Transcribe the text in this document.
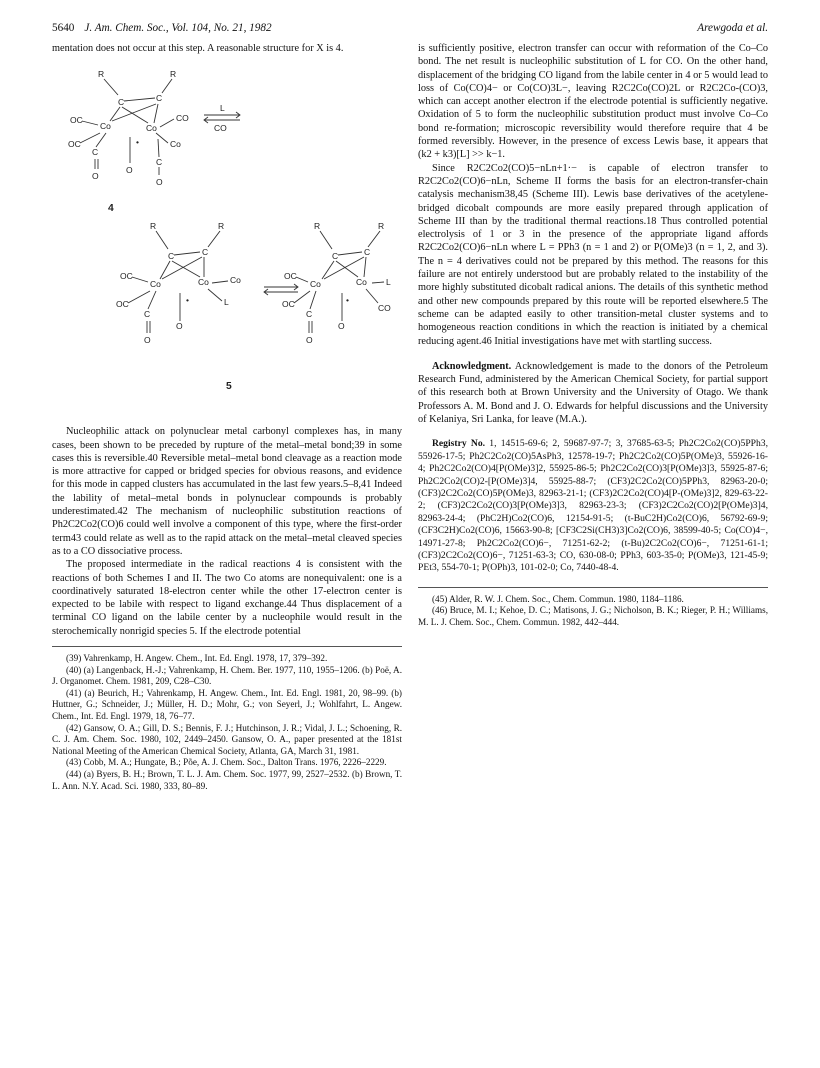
5640 J. Am. Chem. Soc., Vol. 104, No. 21, 1982	Arewgoda et al.

mentation does not occur at this step. A reasonable structure for X is 4.

R	R
C	C
Co	Co
OC
OC
CO
Co
•
C
O
O
C
O
L
CO
4
R	R
C	C
Co	Co
OC
OC
Co
L
•
C
O
O
R	R
C	C
Co	Co
OC
OC
L
CO
•
C
O
O
5

Nucleophilic attack on polynuclear metal carbonyl complexes has, in many cases, been shown to be preceded by rupture of the metal–metal bond;39 in some cases this is reversible.40 Reversible metal–metal bond cleavage as a reaction mode is more attractive for capped or bridged species for obvious reasons, and evidence for this mode in capped clusters has accumulated in the last few years.5–8,41 Indeed the lability of metal–metal bonds in polynuclear compounds is probably underestimated.42 The mechanism of nucleophilic substitution reactions of Ph2C2Co2(CO)6 could well involve a component of this type, where the first-order term43 could relate as well as to the rapid attack on the metal–metal cleaved species as to a CO dissociative process.

The proposed intermediate in the radical reactions 4 is consistent with the reactions of both Schemes I and II. The two Co atoms are nonequivalent: one is a coordinatively saturated 18-electron center while the other 17-electron center is expected to be labile with respect to ligand exchange.44 Thus displacement of a terminal CO ligand on the labile center by a nucleophile would result in the sterochemically nonrigid species 5. If the electrode potential

(39) Vahrenkamp, H. Angew. Chem., Int. Ed. Engl. 1978, 17, 379–392.

(40) (a) Langenback, H.-J.; Vahrenkamp, H. Chem. Ber. 1977, 110, 1955–1206. (b) Poë, A. J. Organomet. Chem. 1981, 209, C28–C30.

(41) (a) Beurich, H.; Vahrenkamp, H. Angew. Chem., Int. Ed. Engl. 1981, 20, 98–99. (b) Huttner, G.; Schneider, J.; Müller, H. D.; Mohr, G.; von Seyerl, J.; Wohlfahrt, L. Angew. Chem., Int. Ed. Engl. 1979, 18, 76–77.

(42) Gansow, O. A.; Gill, D. S.; Bennis, F. J.; Hutchinson, J. R.; Vidal, J. L.; Schoening, R. C. J. Am. Chem. Soc. 1980, 102, 2449–2450. Gansow, O. A., paper presented at the 181st National Meeting of the American Chemical Society, Atlanta, GA, March 31, 1981.

(43) Cobb, M. A.; Hungate, B.; Põe, A. J. Chem. Soc., Dalton Trans. 1976, 2226–2229.

(44) (a) Byers, B. H.; Brown, T. L. J. Am. Chem. Soc. 1977, 99, 2527–2532. (b) Brown, T. L. Ann. N.Y. Acad. Sci. 1980, 333, 80–89.

is sufficiently positive, electron transfer can occur with reformation of the Co–Co bond. The net result is nucleophilic substitution of L for CO. On the other hand, displacement of the bridging CO ligand from the labile center in 4 or 5 would lead to loss of Co(CO)4− or Co(CO)3L−, leaving R2C2Co(CO)2L or R2C2Co-(CO)3, which can accept another electron if the electrode potential is sufficiently negative. Oxidation of 5 to form the nucleophilic substitution product must involve Co–Co bond re-formation; microscopic reversibility would therefore require that 4 be formed reversibly. However, in the presence of excess Lewis base, it appears that (k2 + k3)[L] >> k−1.

Since R2C2Co2(CO)5−nLn+1·− is capable of electron transfer to R2C2Co2(CO)6−nLn, Scheme II forms the basis for an electron-transfer-chain catalysis mechanism38,45 (Scheme III). Lewis base derivatives of the acetylene-bridged dicobalt compounds are more easily prepared through application of Scheme III than by the traditional thermal reactions.18 Thus controlled potential electrolysis of 1 or 3 in the presence of the appropriate ligand affords R2C2Co2(CO)6−nLn where L = PPh3 (n = 1 and 2) or P(OMe)3 (n = 1, 2, and 3). The n = 4 derivatives could not be prepared by this method. The reasons for this failure are not entirely understood but are probably related to the instability of the more highly substituted dicobalt radical anions. The details of this synthetic method and other new compounds prepared by this route will be reported elsewhere.5 The scheme can be adapted easily to other transition-metal cluster systems and to homogeneous reaction conditions in which the reaction is initiated by a chemical reducing agent.46 Initial investigations have met with startling success.

Acknowledgment. Acknowledgement is made to the donors of the Petroleum Research Fund, administered by the American Chemical Society, for partial support of this research both at Brown University and the University of Otago. We thank Professors A. M. Bond and J. O. Edwards for helpful discussions and the University of Kelaniya, Sri Lanka, for leave (M.A.).

Registry No. 1, 14515-69-6; 2, 59687-97-7; 3, 37685-63-5; Ph2C2Co2(CO)5PPh3, 55926-17-5; Ph2C2Co2(CO)5AsPh3, 12578-19-7; Ph2C2Co2(CO)5P(OMe)3, 55926-16-4; Ph2C2Co2(CO)4[P(OMe)3]2, 55925-86-5; Ph2C2Co2(CO)3[P(OMe)3]3, 55925-87-6; Ph2C2Co2(CO)2-[P(OMe)3]4, 55925-88-7; (CF3)2C2Co2(CO)5PPh3, 82963-20-0; (CF3)2C2Co2(CO)5P(OMe)3, 82963-21-1; (CF3)2C2Co2(CO)4[P-(OMe)3]2, 829-63-22-2; (CF3)2C2Co2(CO)3[P(OMe)3]3, 82963-23-3; (CF3)2C2Co2(CO)2[P(OMe)3]4, 82963-24-4; (PhC2H)Co2(CO)6, 12154-91-5; (t-BuC2H)Co2(CO)6, 56792-69-9; (CF3C2H)Co2(CO)6, 15663-90-8; [CF3C2Si(CH3)3]Co2(CO)6, 38599-40-5; Co(CO)4−, 14971-27-8; Ph2C2Co2(CO)6−, 71251-62-2; (t-Bu)2C2Co2(CO)6−, 71251-61-1; (CF3)2C2Co2(CO)6−, 71251-63-3; CO, 630-08-0; PPh3, 603-35-0; P(OMe)3, 121-45-9; PEt3, 554-70-1; P(OPh)3, 101-02-0; Co, 7440-48-4.

(45) Alder, R. W. J. Chem. Soc., Chem. Commun. 1980, 1184–1186.

(46) Bruce, M. I.; Kehoe, D. C.; Matisons, J. G.; Nicholson, B. K.; Rieger, P. H.; Williams, M. L. J. Chem. Soc., Chem. Commun. 1982, 442–444.
